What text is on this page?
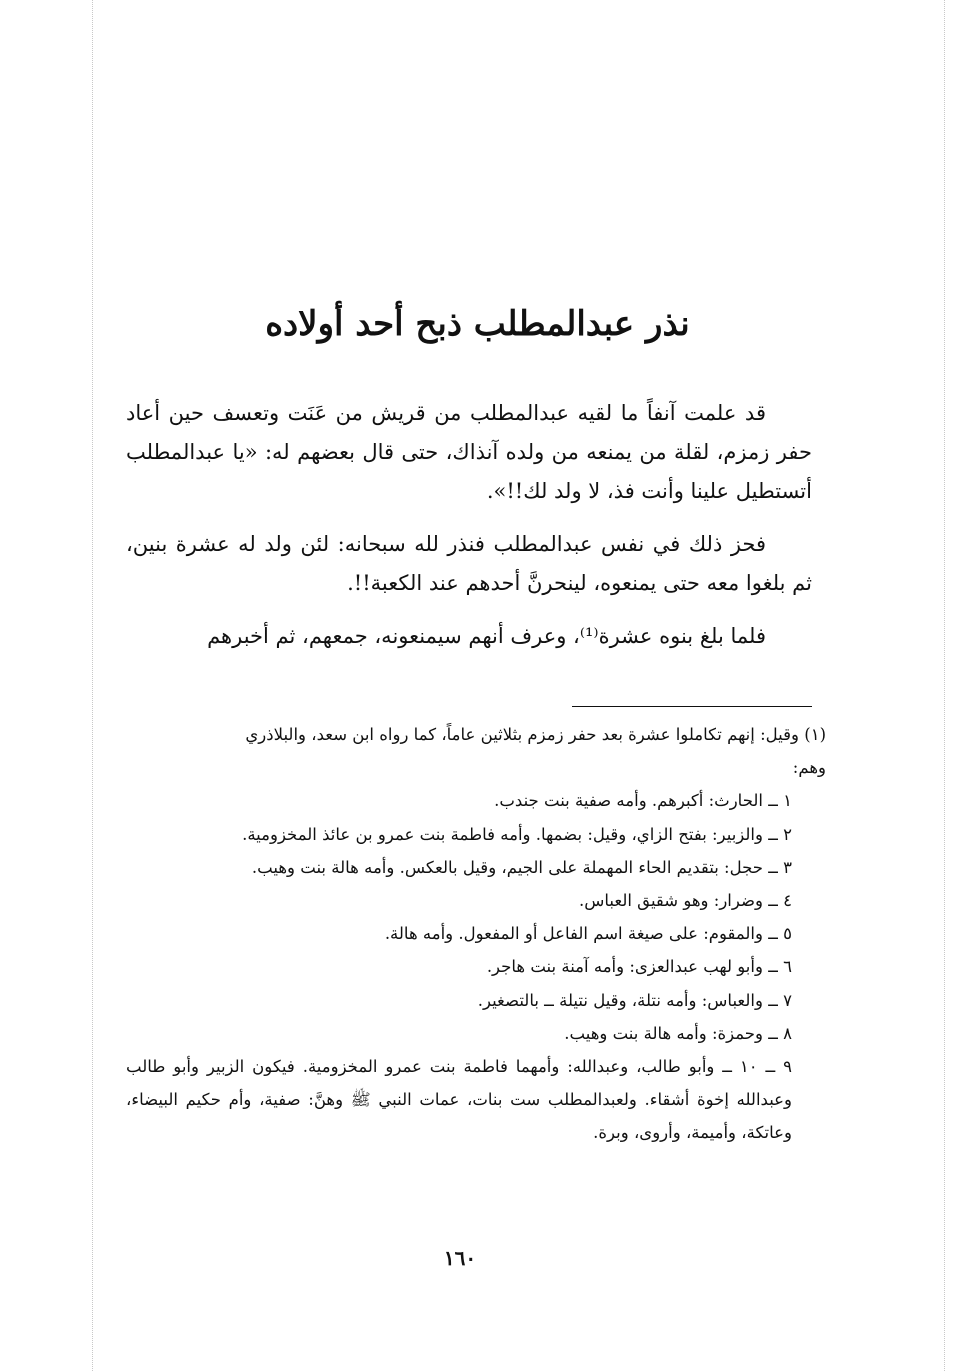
نذر عبدالمطلب ذبح أحد أولاده

قد علمت آنفاً ما لقيه عبدالمطلب من قريش من عَنَت وتعسف حين أعاد حفر زمزم، لقلة من يمنعه من ولده آنذاك، حتى قال بعضهم له: «يا عبدالمطلب أتستطيل علينا وأنت فذ، لا ولد لك!!».

فحز ذلك في نفس عبدالمطلب فنذر لله سبحانه: لئن ولد له عشرة بنين، ثم بلغوا معه حتى يمنعوه، لينحرنَّ أحدهم عند الكعبة!!.

فلما بلغ بنوه عشرة⁽¹⁾، وعرف أنهم سيمنعونه، جمعهم، ثم أخبرهم

(١) وقيل: إنهم تكاملوا عشرة بعد حفر زمزم بثلاثين عاماً، كما رواه ابن سعد، والبلاذري

وهم:

١ ــ الحارث: أكبرهم. وأمه صفية بنت جندب.
٢ ــ والزبير: بفتح الزاي، وقيل: بضمها. وأمه فاطمة بنت عمرو بن عائذ المخزومية.
٣ ــ حجل: بتقديم الحاء المهملة على الجيم، وقيل بالعكس. وأمه هالة بنت وهيب.
٤ ــ وضرار: وهو شقيق العباس.
٥ ــ والمقوم: على صيغة اسم الفاعل أو المفعول. وأمه هالة.
٦ ــ وأبو لهب عبدالعزى: وأمه آمنة بنت هاجر.
٧ ــ والعباس: وأمه نتلة، وقيل نتيلة ــ بالتصغير.
٨ ــ وحمزة: وأمه هالة بنت وهيب.
٩ ــ ١٠ ــ وأبو طالب، وعبدالله: وأمهما فاطمة بنت عمرو المخزومية. فيكون الزبير وأبو طالب وعبدالله إخوة أشقاء. ولعبدالمطلب ست بنات، عمات النبي ﷺ وهنَّ: صفية، وأم حكيم البيضاء، وعاتكة، وأميمة، وأروى، وبرة.
١٦٠
